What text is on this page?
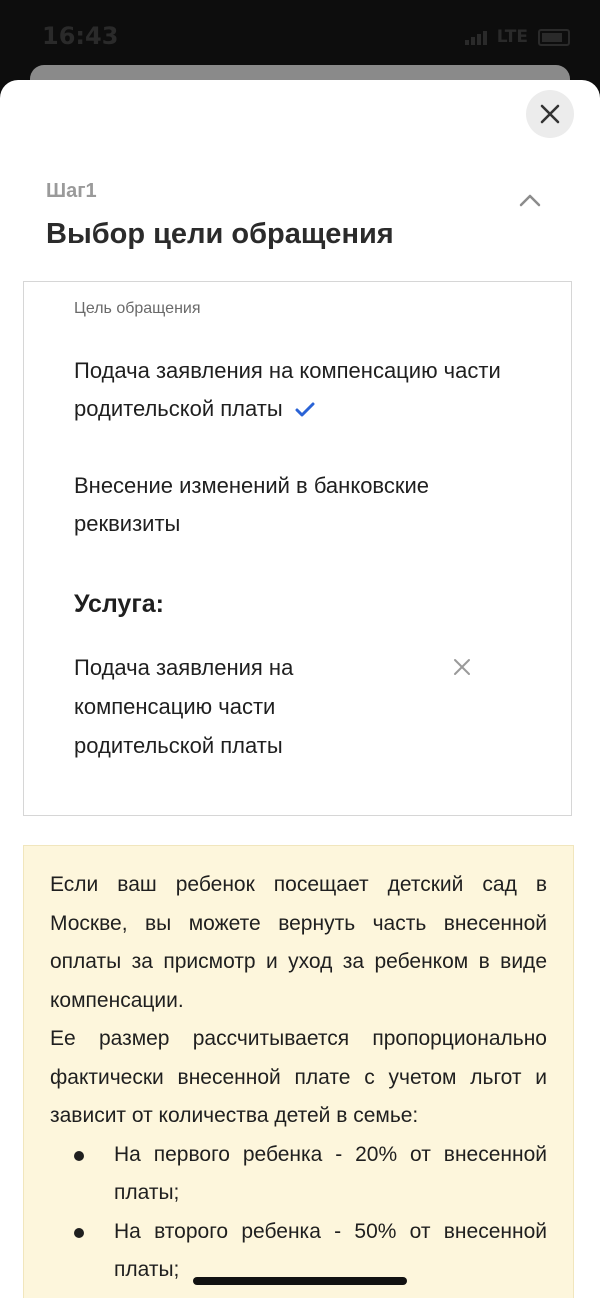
16:43	LTE
Шаг1
Выбор цели обращения
Цель обращения
Подача заявления на компенсацию части родительской платы
Внесение изменений в банковские реквизиты
Услуга:
Подача заявления на компенсацию части родительской платы

Если ваш ребенок посещает детский сад в Москве, вы можете вернуть часть внесенной оплаты за присмотр и уход за ребенком в виде компенсации.

Ее размер рассчитывается пропорционально фактически внесенной плате с учетом льгот и зависит от количества детей в семье:

На первого ребенка - 20% от внесенной платы;
На второго ребенка - 50% от внесенной платы;
